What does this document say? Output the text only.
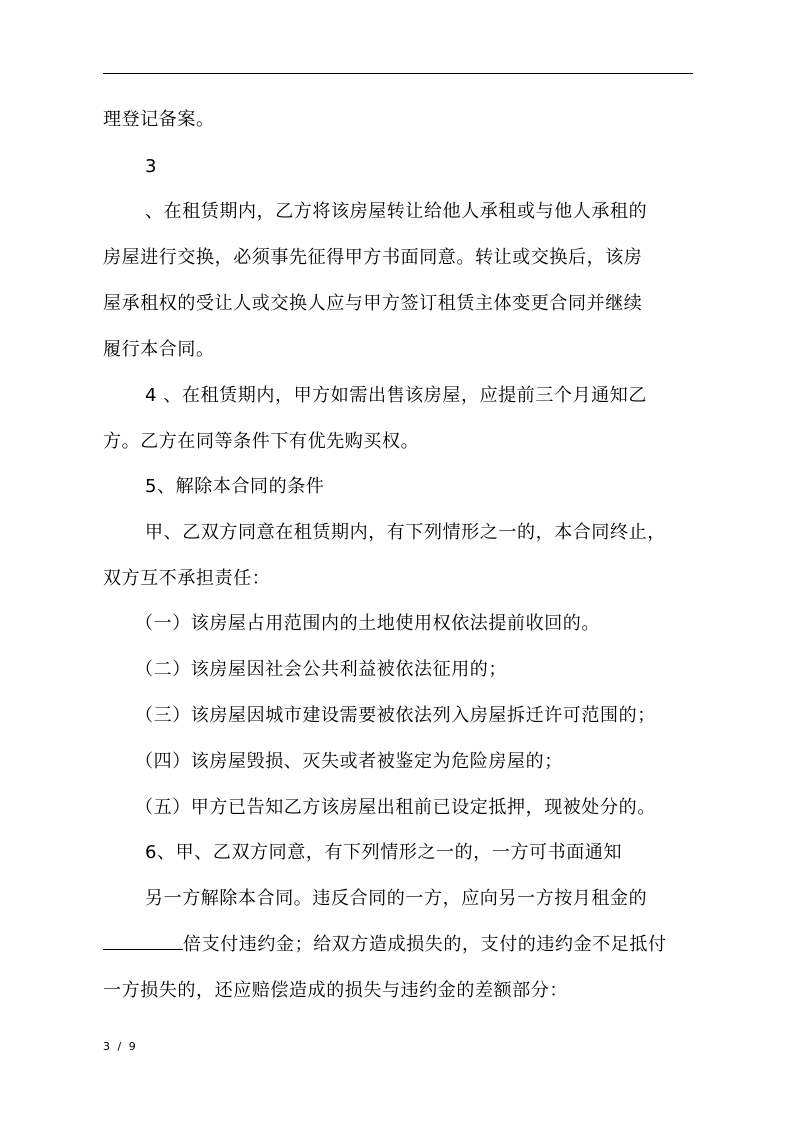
理登记备案。
3
、在租赁期内，乙方将该房屋转让给他人承租或与他人承租的
房屋进行交换，必须事先征得甲方书面同意。转让或交换后，该房
屋承租权的受让人或交换人应与甲方签订租赁主体变更合同并继续
履行本合同。
4 、在租赁期内，甲方如需出售该房屋，应提前三个月通知乙
方。乙方在同等条件下有优先购买权。
5、解除本合同的条件
甲、乙双方同意在租赁期内，有下列情形之一的，本合同终止，
双方互不承担责任：
（一）该房屋占用范围内的土地使用权依法提前收回的。
（二）该房屋因社会公共利益被依法征用的；
（三）该房屋因城市建设需要被依法列入房屋拆迁许可范围的；
（四）该房屋毁损、灭失或者被鉴定为危险房屋的；
（五）甲方已告知乙方该房屋出租前已设定抵押，现被处分的。
6、甲、乙双方同意，有下列情形之一的，一方可书面通知
另一方解除本合同。违反合同的一方，应向另一方按月租金的
倍支付违约金；给双方造成损失的，支付的违约金不足抵付
一方损失的，还应赔偿造成的损失与违约金的差额部分：
3 / 9
